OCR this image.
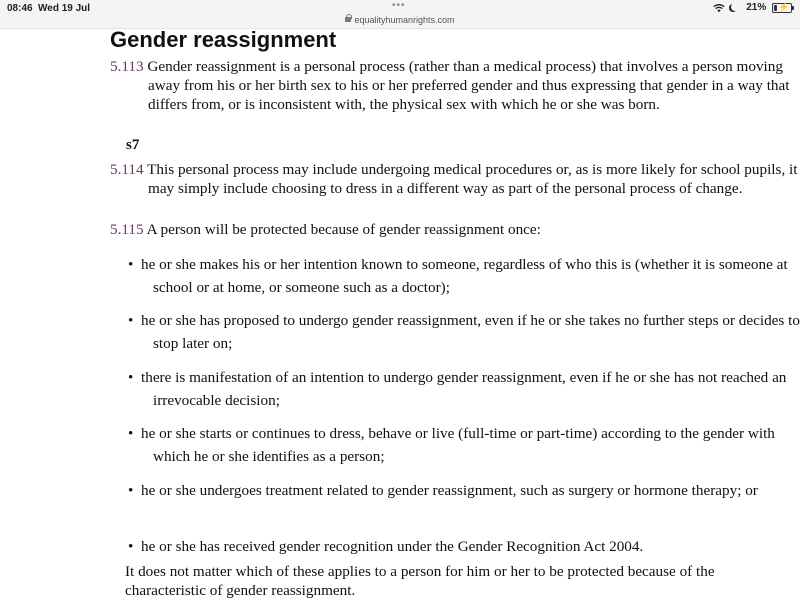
08:46 Wed 19 Jul	•••
equalityhumanrights.com
21% ⚡
Gender reassignment
5.113 Gender reassignment is a personal process (rather than a medical process) that involves a person moving away from his or her birth sex to his or her preferred gender and thus expressing that gender in a way that differs from, or is inconsistent with, the physical sex with which he or she was born.
s7
5.114 This personal process may include undergoing medical procedures or, as is more likely for school pupils, it may simply include choosing to dress in a different way as part of the personal process of change.
5.115 A person will be protected because of gender reassignment once:
• he or she makes his or her intention known to someone, regardless of who this is (whether it is someone at school or at home, or someone such as a doctor);
• he or she has proposed to undergo gender reassignment, even if he or she takes no further steps or decides to stop later on;
• there is manifestation of an intention to undergo gender reassignment, even if he or she has not reached an irrevocable decision;
• he or she starts or continues to dress, behave or live (full-time or part-time) according to the gender with which he or she identifies as a person;
• he or she undergoes treatment related to gender reassignment, such as surgery or hormone therapy; or
• he or she has received gender recognition under the Gender Recognition Act 2004.
It does not matter which of these applies to a person for him or her to be protected because of the characteristic of gender reassignment.
